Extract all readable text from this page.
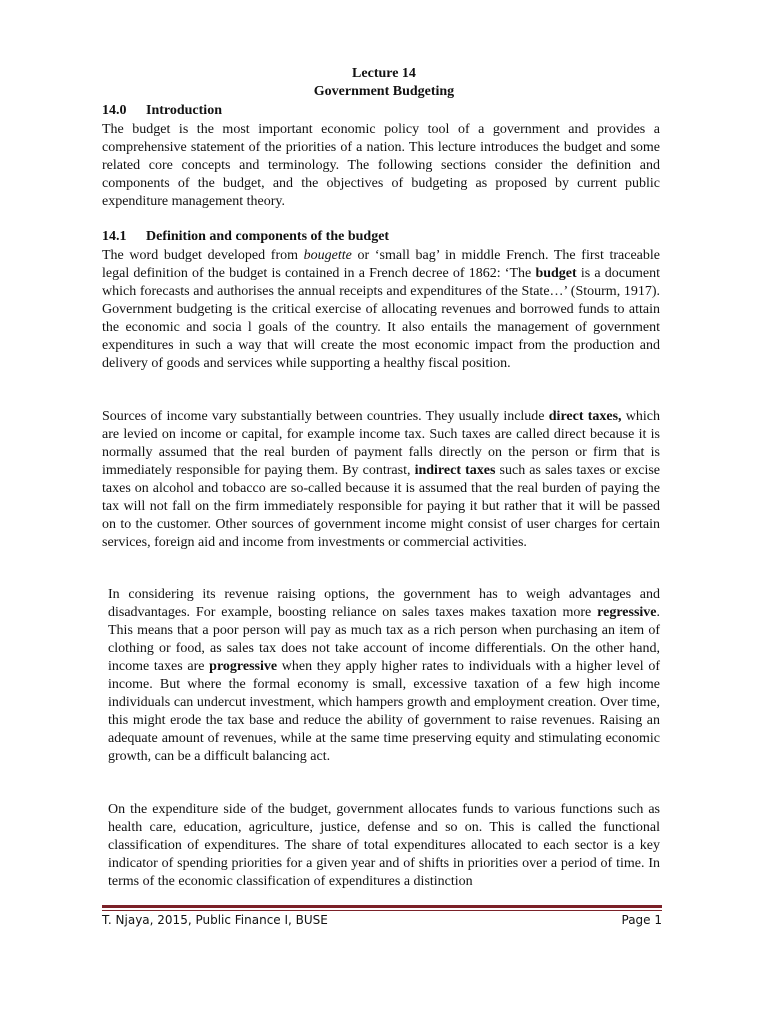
Lecture 14
Government Budgeting
14.0 Introduction

The budget is the most important economic policy tool of a government and provides a comprehensive statement of the priorities of a nation. This lecture introduces the budget and some related core concepts and terminology. The following sections consider the definition and components of the budget, and the objectives of budgeting as proposed by current public expenditure management theory.

14.1 Definition and components of the budget

The word budget developed from bougette or ‘small bag’ in middle French. The first traceable legal definition of the budget is contained in a French decree of 1862: ‘The budget is a document which forecasts and authorises the annual receipts and expenditures of the State…’ (Stourm, 1917). Government budgeting is the critical exercise of allocating revenues and borrowed funds to attain the economic and socia l goals of the country. It also entails the management of government expenditures in such a way that will create the most economic impact from the production and delivery of goods and services while supporting a healthy fiscal position.

Sources of income vary substantially between countries. They usually include direct taxes, which are levied on income or capital, for example income tax. Such taxes are called direct because it is normally assumed that the real burden of payment falls directly on the person or firm that is immediately responsible for paying them. By contrast, indirect taxes such as sales taxes or excise taxes on alcohol and tobacco are so-called because it is assumed that the real burden of paying the tax will not fall on the firm immediately responsible for paying it but rather that it will be passed on to the customer. Other sources of government income might consist of user charges for certain services, foreign aid and income from investments or commercial activities.

In considering its revenue raising options, the government has to weigh advantages and disadvantages. For example, boosting reliance on sales taxes makes taxation more regressive. This means that a poor person will pay as much tax as a rich person when purchasing an item of clothing or food, as sales tax does not take account of income differentials. On the other hand, income taxes are progressive when they apply higher rates to individuals with a higher level of income. But where the formal economy is small, excessive taxation of a few high income individuals can undercut investment, which hampers growth and employment creation. Over time, this might erode the tax base and reduce the ability of government to raise revenues. Raising an adequate amount of revenues, while at the same time preserving equity and stimulating economic growth, can be a difficult balancing act.

On the expenditure side of the budget, government allocates funds to various functions such as health care, education, agriculture, justice, defense and so on. This is called the functional classification of expenditures. The share of total expenditures allocated to each sector is a key indicator of spending priorities for a given year and of shifts in priorities over a period of time. In terms of the economic classification of expenditures a distinction

T. Njaya, 2015, Public Finance I, BUSE	Page 1
